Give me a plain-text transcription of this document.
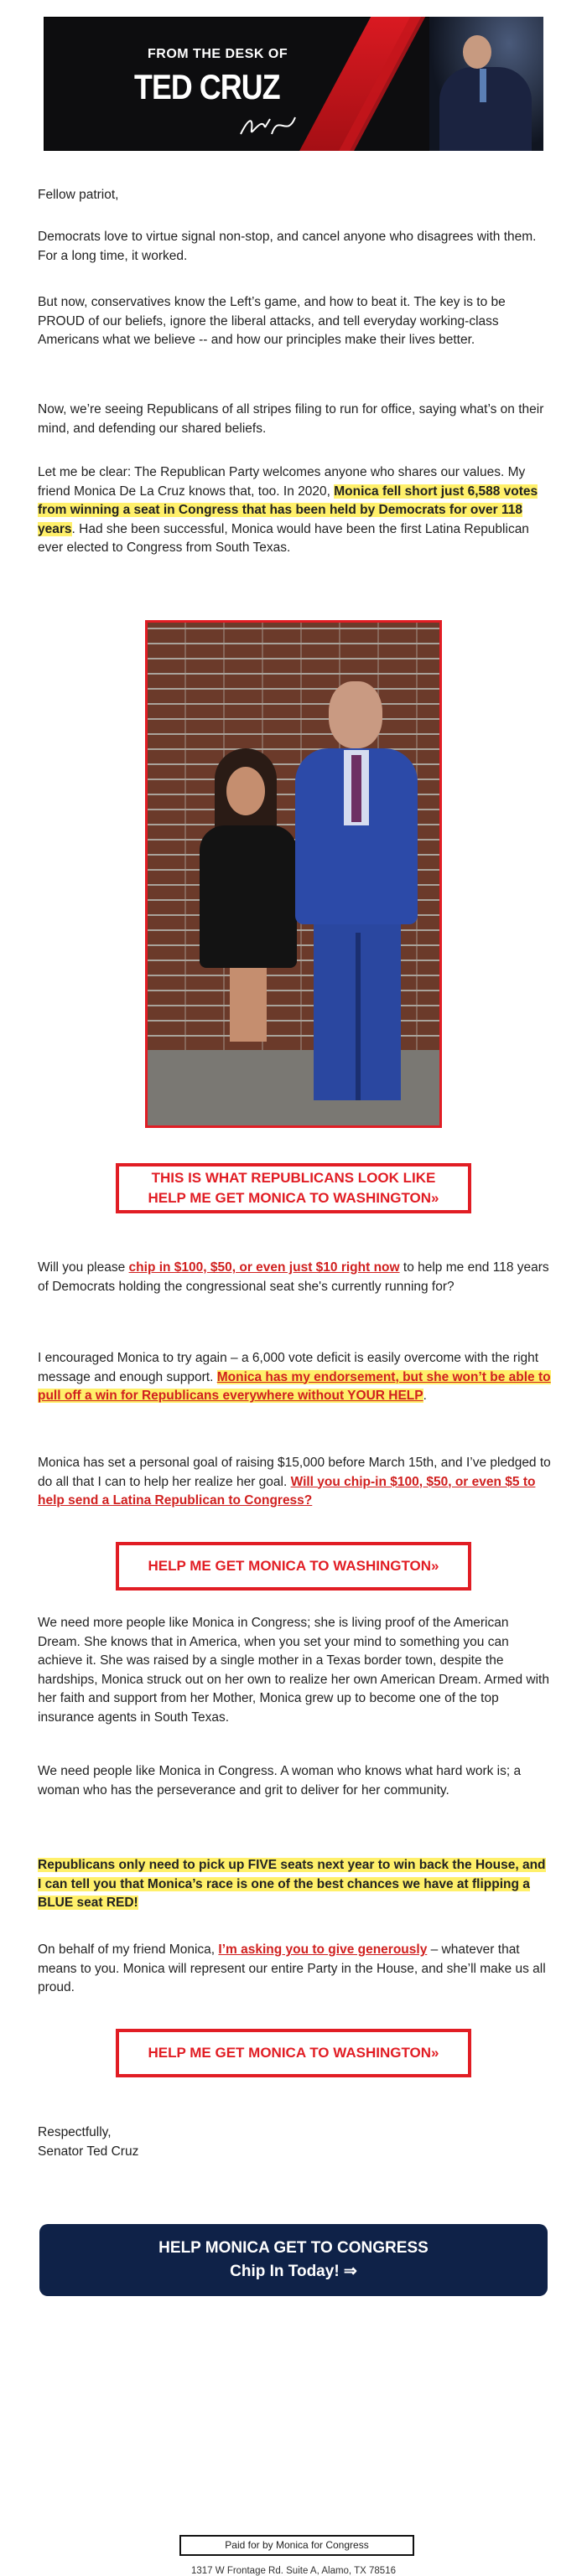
FROM THE DESK OF
TED CRUZ

Fellow patriot,

Democrats love to virtue signal non-stop, and cancel anyone who disagrees with them. For a long time, it worked.

But now, conservatives know the Left’s game, and how to beat it. The key is to be PROUD of our beliefs, ignore the liberal attacks, and tell everyday working-class Americans what we believe -- and how our principles make their lives better.

Now, we’re seeing Republicans of all stripes filing to run for office, saying what’s on their mind, and defending our shared beliefs.

Let me be clear: The Republican Party welcomes anyone who shares our values. My friend Monica De La Cruz knows that, too. In 2020, Monica fell short just 6,588 votes from winning a seat in Congress that has been held by Democrats for over 118 years. Had she been successful, Monica would have been the first Latina Republican ever elected to Congress from South Texas.

THIS IS WHAT REPUBLICANS LOOK LIKE
HELP ME GET MONICA TO WASHINGTON»

Will you please chip in $100, $50, or even just $10 right now to help me end 118 years of Democrats holding the congressional seat she's currently running for?

I encouraged Monica to try again – a 6,000 vote deficit is easily overcome with the right message and enough support. Monica has my endorsement, but she won’t be able to pull off a win for Republicans everywhere without YOUR HELP.

Monica has set a personal goal of raising $15,000 before March 15th, and I’ve pledged to do all that I can to help her realize her goal. Will you chip-in $100, $50, or even $5 to help send a Latina Republican to Congress?

HELP ME GET MONICA TO WASHINGTON»

We need more people like Monica in Congress; she is living proof of the American Dream. She knows that in America, when you set your mind to something you can achieve it. She was raised by a single mother in a Texas border town, despite the hardships, Monica struck out on her own to realize her own American Dream. Armed with her faith and support from her Mother, Monica grew up to become one of the top insurance agents in South Texas.

We need people like Monica in Congress. A woman who knows what hard work is; a woman who has the perseverance and grit to deliver for her community.

Republicans only need to pick up FIVE seats next year to win back the House, and I can tell you that Monica’s race is one of the best chances we have at flipping a BLUE seat RED!

On behalf of my friend Monica, I’m asking you to give generously – whatever that means to you. Monica will represent our entire Party in the House, and she’ll make us all proud.

HELP ME GET MONICA TO WASHINGTON»

Respectfully,

Senator Ted Cruz

HELP MONICA GET TO CONGRESS
Chip In Today! ⇒
Paid for by Monica for Congress
1317 W Frontage Rd. Suite A, Alamo, TX 78516
